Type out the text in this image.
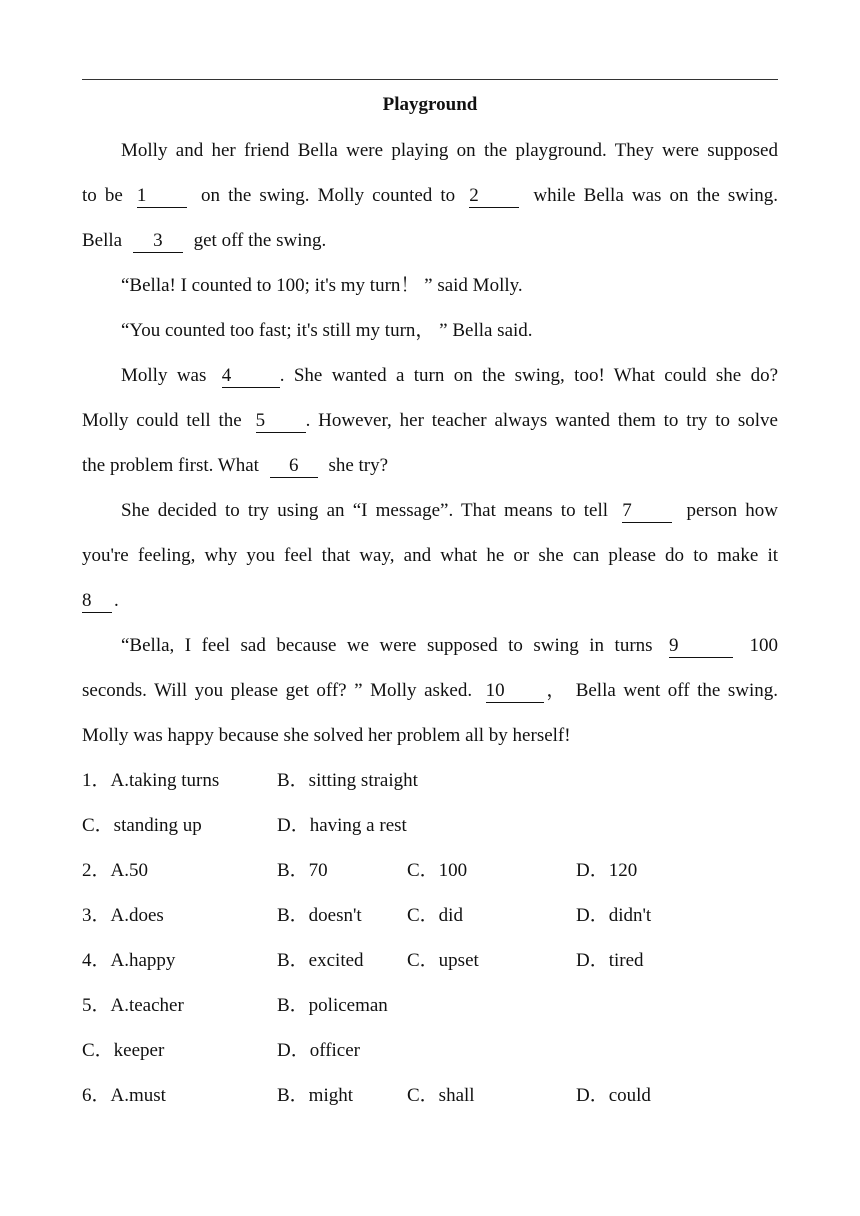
Playground

Molly and her friend Bella were playing on the playground. They were supposed

to be 1	on the swing. Molly counted to 2	while Bella was on the swing.

Bella 3 get off the swing.

“Bella! I counted to 100; it's my turn！ ” said Molly.

“You counted too fast; it's still my turn， ” Bella said.

Molly was 4	. She wanted a turn on the swing, too! What could she do?

Molly could tell the 5 . However, her teacher always wanted them to try to solve

the problem first. What 6 she try?

She decided to try using an “I message”. That means to tell 7	person how

you're feeling, why you feel that way, and what he or she can please do to make it

8 .

“Bella, I feel sad because we were supposed to swing in turns 9	100

seconds. Will you please get off? ” Molly asked. 10 ， Bella went off the swing.

Molly was happy because she solved her problem all by herself!

1．A.taking turns	B．sitting straight
C．standing up	D．having a rest
2．A.50	B．70	C．100	D．120
3．A.does	B．doesn't C．did	D．didn't
4．A.happy	B．excited C．upset	D．tired
5．A.teacher	B．policeman
C．keeper	D．officer
6．A.must	B．might	C．shall	D．could
